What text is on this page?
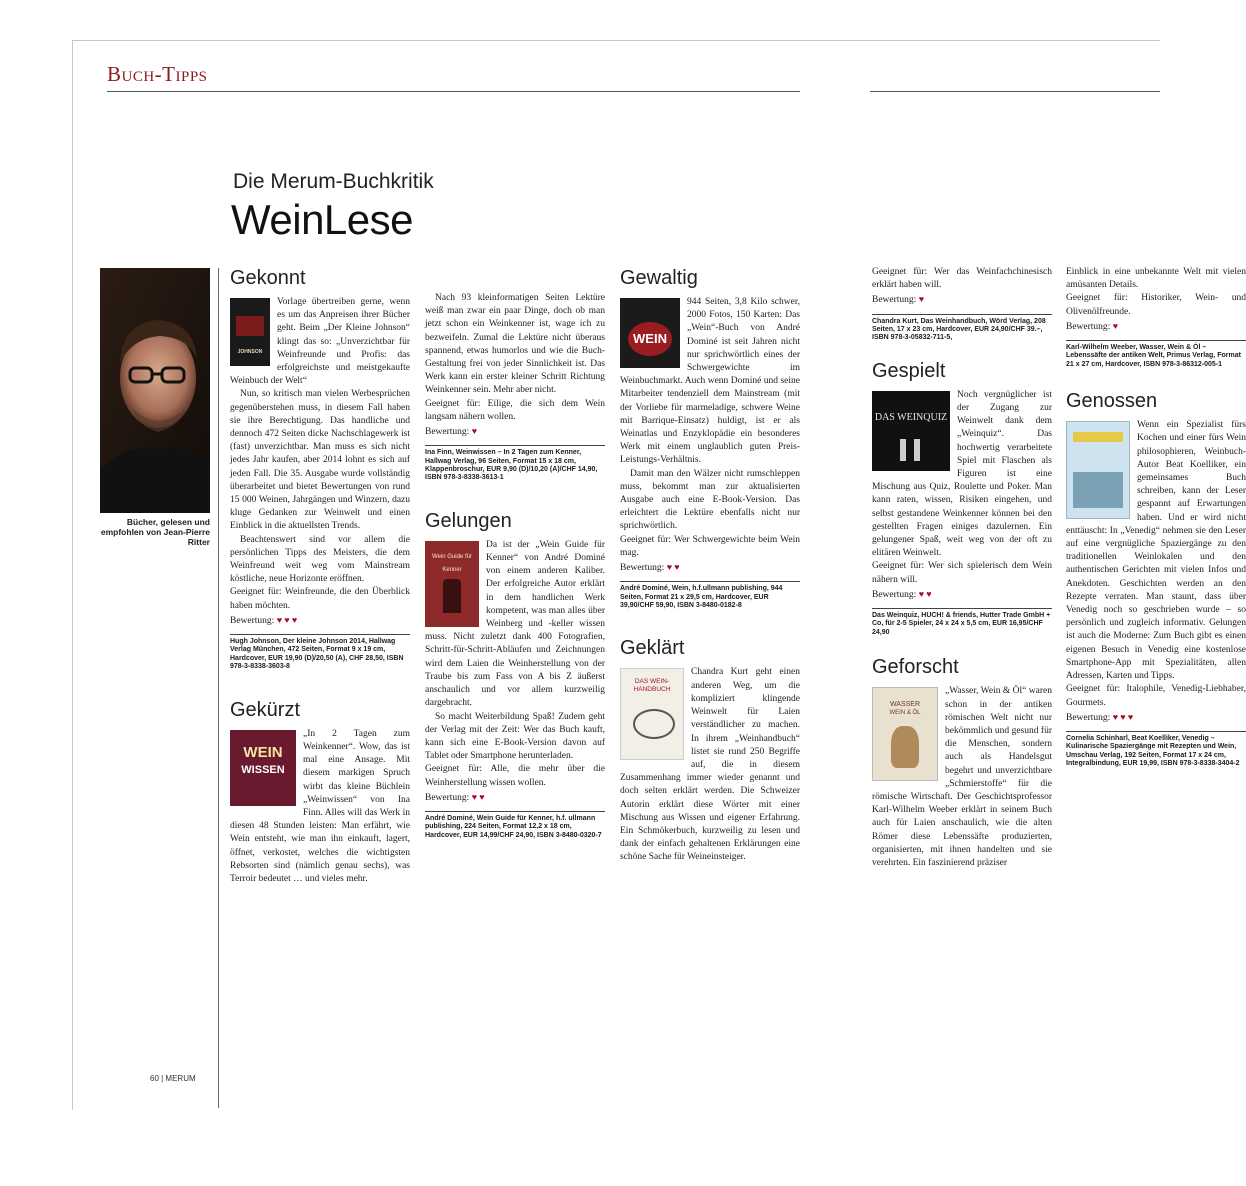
Buch-Tipps
Die Merum-Buchkritik
WeinLese
Bücher, gelesen und empfohlen von Jean-Pierre Ritter
60 | MERUM
Gekonnt
JOHNSON

Vorlage übertreiben gerne, wenn es um das Anpreisen ihrer Bücher geht. Beim „Der Kleine Johnson“ klingt das so: „Unverzichtbar für Weinfreunde und Profis: das erfolgreichste und meistgekaufte Weinbuch der Welt“

Nun, so kritisch man vielen Werbesprüchen gegenüberstehen muss, in diesem Fall haben sie ihre Berechtigung. Das handliche und dennoch 472 Seiten dicke Nachschlagewerk ist (fast) unverzichtbar. Man muss es sich nicht jedes Jahr kaufen, aber 2014 lohnt es sich auf jeden Fall. Die 35. Ausgabe wurde vollständig überarbeitet und bietet Bewertungen von rund 15 000 Weinen, Jahrgängen und Winzern, dazu kluge Gedanken zur Weinwelt und einen Einblick in die aktuellsten Trends.

Beachtenswert sind vor allem die persönlichen Tipps des Meisters, die dem Weinfreund weit weg vom Mainstream köstliche, neue Horizonte eröffnen.

Geeignet für: Weinfreunde, die den Überblick haben möchten.

Bewertung: ♥ ♥ ♥
Hugh Johnson, Der kleine Johnson 2014, Hallwag Verlag München, 472 Seiten, Format 9 x 19 cm, Hardcover, EUR 19,90 (D)/20,50 (A), CHF 28,50, ISBN 978-3-8338-3603-8
Gekürzt
WEIN
WISSEN

„In 2 Tagen zum Weinkenner“. Wow, das ist mal eine Ansage. Mit diesem markigen Spruch wirbt das kleine Büchlein „Weinwissen“ von Ina Finn. Alles will das Werk in diesen 48 Stunden leisten: Man erfährt, wie Wein entsteht, wie man ihn einkauft, lagert, öffnet, verkostet, welches die wichtigsten Rebsorten sind (nämlich genau sechs), was Terroir bedeutet … und vieles mehr.

Nach 93 kleinformatigen Seiten Lektüre weiß man zwar ein paar Dinge, doch ob man jetzt schon ein Weinkenner ist, wage ich zu bezweifeln. Zumal die Lektüre nicht überaus spannend, etwas humorlos und wie die Buch-Gestaltung frei von jeder Sinnlichkeit ist. Das Werk kann ein erster kleiner Schritt Richtung Weinkenner sein. Mehr aber nicht.

Geeignet für: Eilige, die sich dem Wein langsam nähern wollen.

Bewertung: ♥
Ina Finn, Weinwissen – In 2 Tagen zum Kenner, Hallwag Verlag, 96 Seiten, Format 15 x 18 cm, Klappenbroschur, EUR 9,90 (D)/10,20 (A)/CHF 14,90, ISBN 978-3-8338-3613-1
Gelungen
Wein Guide für Kenner

Da ist der „Wein Guide für Kenner“ von André Dominé von einem anderen Kaliber. Der erfolgreiche Autor erklärt in dem handlichen Werk kompetent, was man alles über Weinberg und -keller wissen muss. Nicht zuletzt dank 400 Fotografien, Schritt-für-Schritt-Abläufen und Zeichnungen wird dem Laien die Weinherstellung von der Traube bis zum Fass von A bis Z äußerst anschaulich und vor allem kurzweilig dargebracht.

So macht Weiterbildung Spaß! Zudem geht der Verlag mit der Zeit: Wer das Buch kauft, kann sich eine E-Book-Version davon auf Tablet oder Smartphone herunterladen.

Geeignet für: Alle, die mehr über die Weinherstellung wissen wollen.

Bewertung: ♥ ♥
André Dominé, Wein Guide für Kenner, h.f. ullmann publishing, 224 Seiten, Format 12,2 x 18 cm, Hardcover, EUR 14,99/CHF 24,90, ISBN 3-8480-0320-7
Gewaltig
WEIN

944 Seiten, 3,8 Kilo schwer, 2000 Fotos, 150 Karten: Das „Wein“-Buch von André Dominé ist seit Jahren nicht nur sprichwörtlich eines der Schwergewichte im Weinbuchmarkt. Auch wenn Dominé und seine Mitarbeiter tendenziell dem Mainstream (mit der Vorliebe für marmeladige, schwere Weine mit Barrique-Einsatz) huldigt, ist er als Weinatlas und Enzyklopädie ein besonderes Werk mit einem unglaublich guten Preis-Leistungs-Verhältnis.

Damit man den Wälzer nicht rumschleppen muss, bekommt man zur aktualisierten Ausgabe auch eine E-Book-Version. Das erleichtert die Lektüre ebenfalls nicht nur sprichwörtlich.

Geeignet für: Wer Schwergewichte beim Wein mag.

Bewertung: ♥ ♥
André Dominé, Wein, h.f.ullmann publishing, 944 Seiten, Format 21 x 29,5 cm, Hardcover, EUR 39,90/CHF 59,90, ISBN 3-8480-0182-8
Geklärt
DAS WEIN-
HANDBUCH

Chandra Kurt geht einen anderen Weg, um die kompliziert klingende Weinwelt für Laien verständlicher zu machen. In ihrem „Weinhandbuch“ listet sie rund 250 Begriffe auf, die in diesem Zusammenhang immer wieder genannt und doch selten erklärt werden. Die Schweizer Autorin erklärt diese Wörter mit einer Mischung aus Wissen und eigener Erfahrung. Ein Schmökerbuch, kurzweilig zu lesen und dank der einfach gehaltenen Erklärungen eine schöne Sache für Weineinsteiger.

Geeignet für: Wer das Weinfachchinesisch erklärt haben will.

Bewertung: ♥
Chandra Kurt, Das Weinhandbuch, Wörd Verlag, 208 Seiten, 17 x 23 cm, Hardcover, EUR 24,90/CHF 39.–, ISBN 978-3-05832-711-5,
Gespielt
DAS WEINQUIZ

Noch vergnüglicher ist der Zugang zur Weinwelt dank dem „Weinquiz“. Das hochwertig verarbeitete Spiel mit Flaschen als Figuren ist eine Mischung aus Quiz, Roulette und Poker. Man kann raten, wissen, Risiken eingehen, und selbst gestandene Weinkenner können bei den gestellten Fragen einiges dazulernen. Ein gelungener Spaß, weit weg von der oft zu elitären Weinwelt.

Geeignet für: Wer sich spielerisch dem Wein nähern will.

Bewertung: ♥ ♥
Das Weinquiz, HUCH! & friends, Hutter Trade GmbH + Co, für 2-5 Spieler, 24 x 24 x 5,5 cm, EUR 16,95/CHF 24,90
Geforscht
WASSER
WEIN & ÖL

„Wasser, Wein & Öl“ waren schon in der antiken römischen Welt nicht nur bekömmlich und gesund für die Menschen, sondern auch als Handelsgut begehrt und unverzichtbare „Schmierstoffe“ für die römische Wirtschaft. Der Geschichtsprofessor Karl-Wilhelm Weeber erklärt in seinem Buch auch für Laien anschaulich, wie die alten Römer diese Lebenssäfte produzierten, organisierten, mit ihnen handelten und sie verehrten. Ein faszinierend präziser

Einblick in eine unbekannte Welt mit vielen amüsanten Details.

Geeignet für: Historiker, Wein- und Olivenölfreunde.

Bewertung: ♥
Karl-Wilhelm Weeber, Wasser, Wein & Öl – Lebenssäfte der antiken Welt, Primus Verlag, Format 21 x 27 cm, Hardcover, ISBN 978-3-86312-005-1
Genossen

Wenn ein Spezialist fürs Kochen und einer fürs Wein philosophieren, Weinbuch-Autor Beat Koelliker, ein gemeinsames Buch schreiben, kann der Leser gespannt auf Erwartungen haben. Und er wird nicht enttäuscht: In „Venedig“ nehmen sie den Leser auf eine vergnügliche Spaziergänge zu den traditionellen Weinlokalen und den authentischen Gerichten mit vielen Infos und Anekdoten. Geschichten werden an den Rezepte verraten. Man staunt, dass über Venedig noch so geschrieben wurde – so persönlich und zugleich informativ. Gelungen ist auch die Moderne: Zum Buch gibt es einen eigenen Besuch in Venedig eine kostenlose Smartphone-App mit Spezialitäten, allen Adressen, Karten und Tipps.

Geeignet für: Italophile, Venedig-Liebhaber, Gourmets.

Bewertung: ♥ ♥ ♥
Cornelia Schinharl, Beat Koelliker, Venedig – Kulinarische Spaziergänge mit Rezepten und Wein, Umschau Verlag, 192 Seiten, Format 17 x 24 cm, Integralbindung, EUR 19,99, ISBN 978-3-8338-3404-2
